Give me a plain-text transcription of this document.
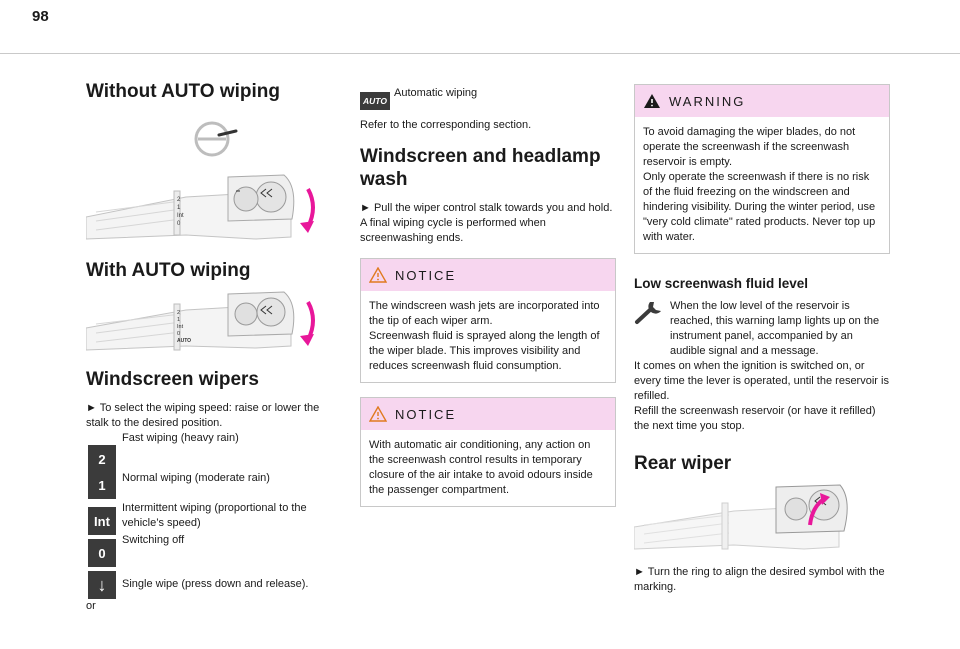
98
Without AUTO wiping
2
1
Int
0
With AUTO wiping
2
1
Int
0
AUTO
Windscreen wipers

► To select the wiping speed: raise or lower the stalk to the desired position.

2

Fast wiping (heavy rain)

1	Normal wiping (moderate rain)

Int

Intermittent wiping (proportional to the vehicle’s speed)

0

Switching off

↓	Single wipe (press down and release).

or

AUTO

Automatic wiping

Refer to the corresponding section.

Windscreen and headlamp
wash

► Pull the wiper control stalk towards you and hold.

A final wiping cycle is performed when screenwashing ends.

NOTICE

The windscreen wash jets are incorporated into the tip of each wiper arm.

Screenwash fluid is sprayed along the length of the wiper blade. This improves visibility and reduces screenwash fluid consumption.

NOTICE

With automatic air conditioning, any action on the screenwash control results in temporary closure of the air intake to avoid odours inside the passenger compartment.

WARNING

To avoid damaging the wiper blades, do not operate the screenwash if the screenwash reservoir is empty.

Only operate the screenwash if there is no risk of the fluid freezing on the windscreen and hindering visibility. During the winter period, use "very cold climate" rated products. Never top up with water.

Low screenwash fluid level

When the low level of the reservoir is reached, this warning lamp lights up on the instrument panel, accompanied by an audible signal and a message.

It comes on when the ignition is switched on, or every time the lever is operated, until the reservoir is refilled.

Refill the screenwash reservoir (or have it refilled) the next time you stop.

Rear wiper

► Turn the ring to align the desired symbol with the marking.
